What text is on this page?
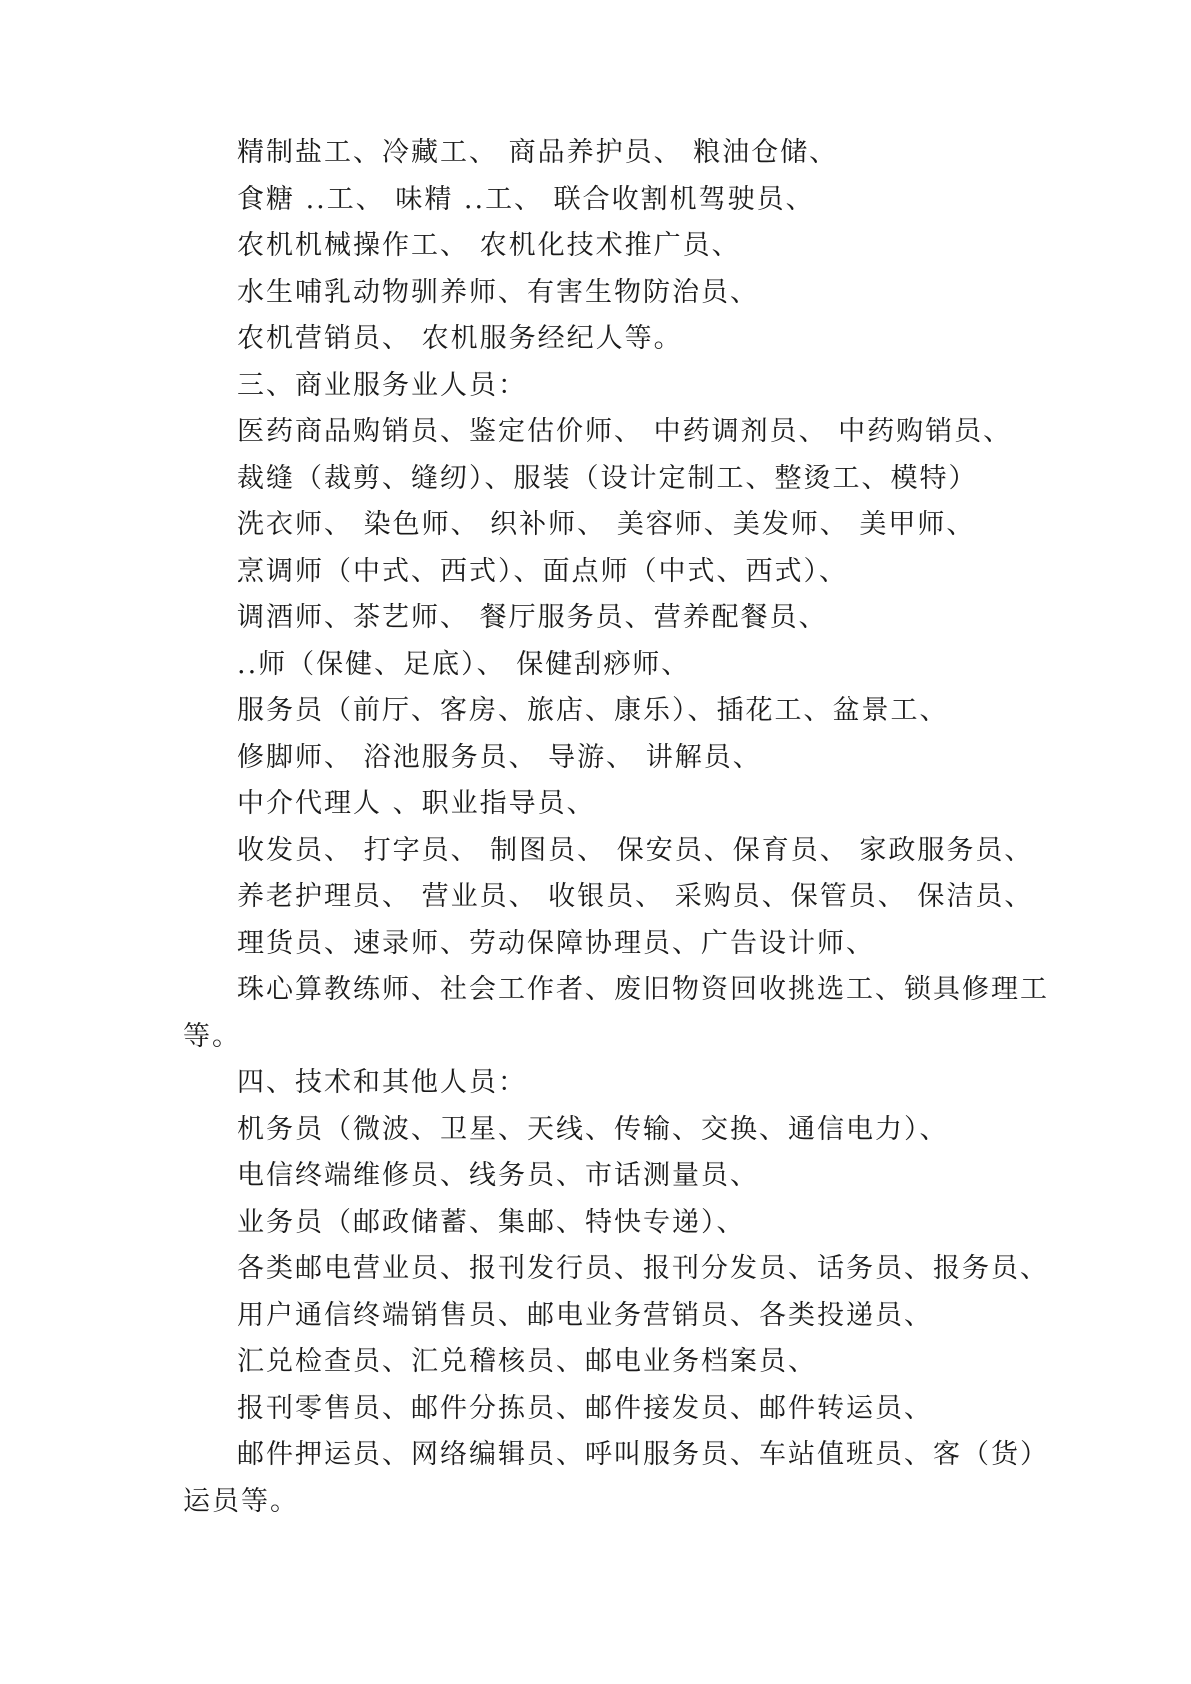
精制盐工、冷藏工、 商品养护员、 粮油仓储、
食糖 ..工、 味精 ..工、 联合收割机驾驶员、
农机机械操作工、 农机化技术推广员、
水生哺乳动物驯养师、有害生物防治员、
农机营销员、 农机服务经纪人等。
三、商业服务业人员：
医药商品购销员、鉴定估价师、 中药调剂员、 中药购销员、
裁缝（裁剪、缝纫）、服装（设计定制工、整烫工、模特）
洗衣师、 染色师、 织补师、 美容师、美发师、 美甲师、
烹调师（中式、西式）、面点师（中式、西式）、
调酒师、茶艺师、 餐厅服务员、营养配餐员、
..师（保健、足底）、 保健刮痧师、
服务员（前厅、客房、旅店、康乐）、插花工、盆景工、
修脚师、 浴池服务员、 导游、 讲解员、
中介代理人 、职业指导员、
收发员、 打字员、 制图员、 保安员、保育员、 家政服务员、
养老护理员、 营业员、 收银员、 采购员、保管员、 保洁员、
理货员、速录师、劳动保障协理员、广告设计师、
珠心算教练师、社会工作者、废旧物资回收挑选工、锁具修理工
等。
四、技术和其他人员：
机务员（微波、卫星、天线、传输、交换、通信电力）、
电信终端维修员、线务员、市话测量员、
业务员（邮政储蓄、集邮、特快专递）、
各类邮电营业员、报刊发行员、报刊分发员、话务员、报务员、
用户通信终端销售员、邮电业务营销员、各类投递员、
汇兑检查员、汇兑稽核员、邮电业务档案员、
报刊零售员、邮件分拣员、邮件接发员、邮件转运员、
邮件押运员、网络编辑员、呼叫服务员、车站值班员、客（货）
运员等。
